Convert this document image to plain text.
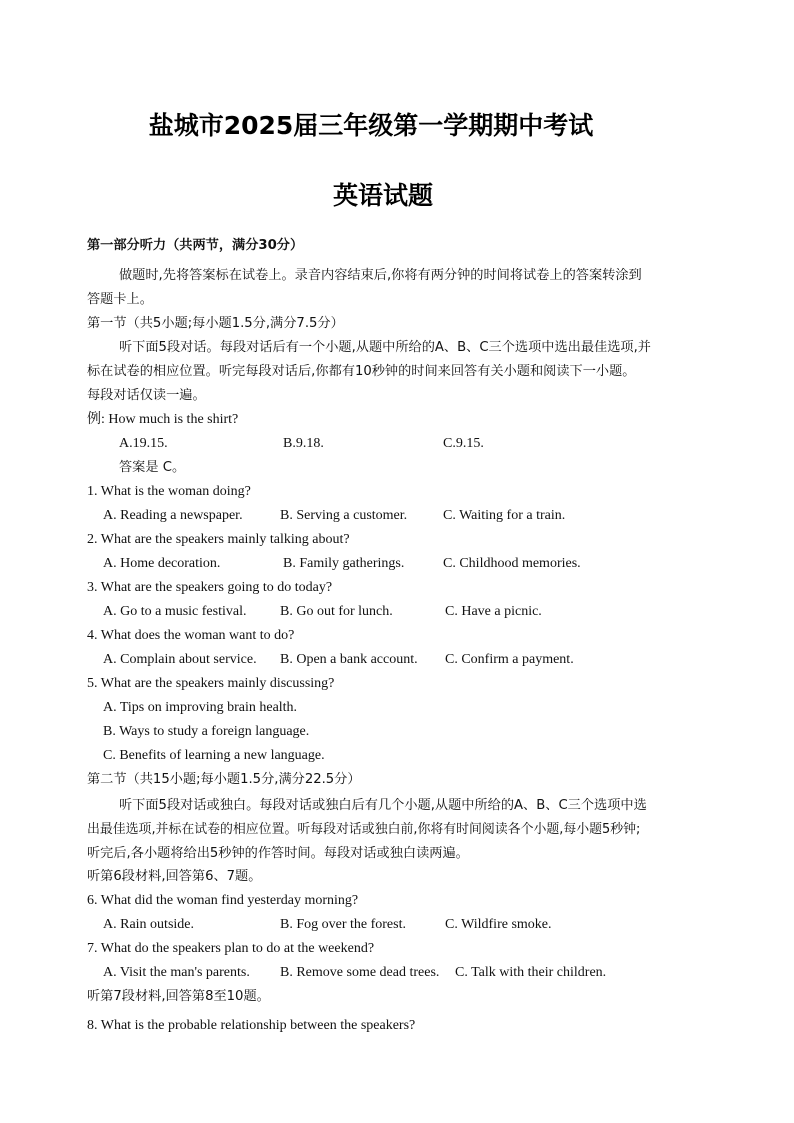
盐城市2025届三年级第一学期期中考试
英语试题
第一部分听力（共两节，满分30分）
做题时,先将答案标在试卷上。录音内容结束后,你将有两分钟的时间将试卷上的答案转涂到
答题卡上。
第一节（共5小题;每小题1.5分,满分7.5分）
听下面5段对话。每段对话后有一个小题,从题中所给的A、B、C三个选项中选出最佳选项,并
标在试卷的相应位置。听完每段对话后,你都有10秒钟的时间来回答有关小题和阅读下一小题。
每段对话仅读一遍。
例: How much is the shirt?
A.19.15.	B.9.18.	C.9.15.
答案是 C。
1. What is the woman doing?
A. Reading a newspaper.	B. Serving a customer.	C. Waiting for a train.
2. What are the speakers mainly talking about?
A. Home decoration.	B. Family gatherings.	C. Childhood memories.
3. What are the speakers going to do today?
A. Go to a music festival. B. Go out for lunch.	C. Have a picnic.
4. What does the woman want to do?
A. Complain about service. B. Open a bank account. C. Confirm a payment.
5. What are the speakers mainly discussing?
A. Tips on improving brain health.
B. Ways to study a foreign language.
C. Benefits of learning a new language.
第二节（共15小题;每小题1.5分,满分22.5分）
听下面5段对话或独白。每段对话或独白后有几个小题,从题中所给的A、B、C三个选项中选
出最佳选项,并标在试卷的相应位置。听每段对话或独白前,你将有时间阅读各个小题,每小题5秒钟;
听完后,各小题将给出5秒钟的作答时间。每段对话或独白读两遍。
听第6段材料,回答第6、7题。
6. What did the woman find yesterday morning?
A. Rain outside.	B. Fog over the forest.	C. Wildfire smoke.
7. What do the speakers plan to do at the weekend?
A. Visit the man's parents. B. Remove some dead trees. C. Talk with their children.
听第7段材料,回答第8至10题。
8. What is the probable relationship between the speakers?
